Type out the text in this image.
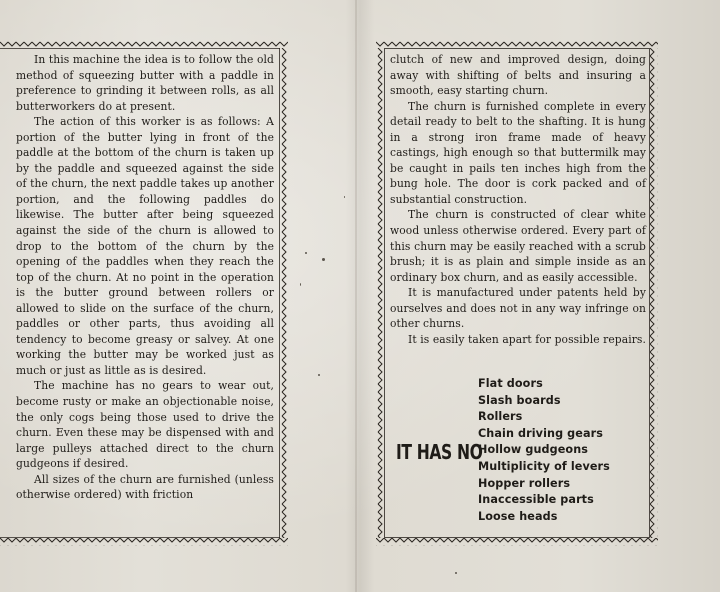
In this machine the idea is to follow the old method of squeezing butter with a paddle in preference to grinding it between rolls, as all butterworkers do at present.

The action of this worker is as follows: A portion of the butter lying in front of the paddle at the bottom of the churn is taken up by the paddle and squeezed against the side of the churn, the next paddle takes up another portion, and the following paddles do likewise. The butter after being squeezed against the side of the churn is allowed to drop to the bottom of the churn by the opening of the paddles when they reach the top of the churn. At no point in the operation is the butter ground between rollers or allowed to slide on the surface of the churn, paddles or other parts, thus avoiding all tendency to become greasy or salvey. At one working the butter may be worked just as much or just as little as is desired.

The machine has no gears to wear out, become rusty or make an objectionable noise, the only cogs being those used to drive the churn. Even these may be dispensed with and large pulleys attached direct to the churn gudgeons if desired.

All sizes of the churn are furnished (unless otherwise ordered) with friction

clutch of new and improved design, doing away with shifting of belts and insuring a smooth, easy starting churn.

The churn is furnished complete in every detail ready to belt to the shafting. It is hung in a strong iron frame made of heavy castings, high enough so that buttermilk may be caught in pails ten inches high from the bung hole. The door is cork packed and of substantial construction.

The churn is constructed of clear white wood unless otherwise ordered. Every part of this churn may be easily reached with a scrub brush; it is as plain and simple inside as an ordinary box churn, and as easily accessible.

It is manufactured under patents held by ourselves and does not in any way infringe on other churns.

It is easily taken apart for possible repairs.

IT HAS NO
Flat doors
Slash boards
Rollers
Chain driving gears
Hollow gudgeons
Multiplicity of levers
Hopper rollers
Inaccessible parts
Loose heads
